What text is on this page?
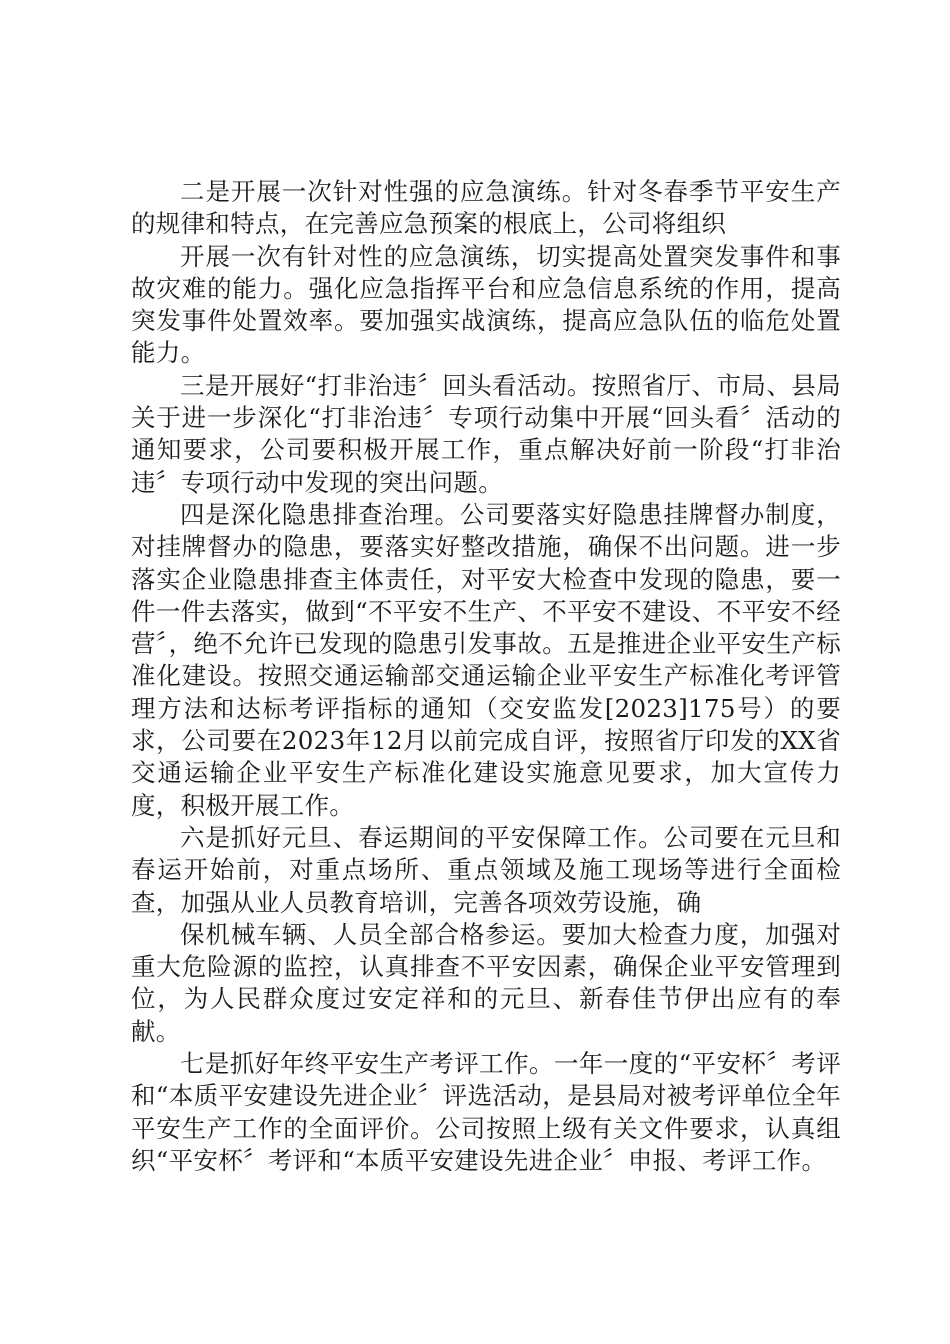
二是开展一次针对性强的应急演练。针对冬春季节平安生产的规律和特点，在完善应急预案的根底上，公司将组织

开展一次有针对性的应急演练，切实提高处置突发事件和事故灾难的能力。强化应急指挥平台和应急信息系统的作用，提高突发事件处置效率。要加强实战演练，提高应急队伍的临危处置能力。

三是开展好“打非治违〞回头看活动。按照省厅、市局、县局关于进一步深化“打非治违〞专项行动集中开展“回头看〞活动的通知要求，公司要积极开展工作，重点解决好前一阶段“打非治违〞专项行动中发现的突出问题。

四是深化隐患排查治理。公司要落实好隐患挂牌督办制度，对挂牌督办的隐患，要落实好整改措施，确保不出问题。进一步落实企业隐患排查主体责任，对平安大检查中发现的隐患，要一件一件去落实，做到“不平安不生产、不平安不建设、不平安不经营〞，绝不允许已发现的隐患引发事故。五是推进企业平安生产标准化建设。按照交通运输部交通运输企业平安生产标准化考评管理方法和达标考评指标的通知（交安监发[2023]175号）的要求，公司要在2023年12月以前完成自评，按照省厅印发的XX省交通运输企业平安生产标准化建设实施意见要求，加大宣传力度，积极开展工作。

六是抓好元旦、春运期间的平安保障工作。公司要在元旦和春运开始前，对重点场所、重点领域及施工现场等进行全面检查，加强从业人员教育培训，完善各项效劳设施，确

保机械车辆、人员全部合格参运。要加大检查力度，加强对重大危险源的监控，认真排查不平安因素，确保企业平安管理到位，为人民群众度过安定祥和的元旦、新春佳节伊出应有的奉献。

七是抓好年终平安生产考评工作。一年一度的“平安杯〞考评和“本质平安建设先进企业〞评选活动，是县局对被考评单位全年平安生产工作的全面评价。公司按照上级有关文件要求，认真组织“平安杯〞考评和“本质平安建设先进企业〞申报、考评工作。
